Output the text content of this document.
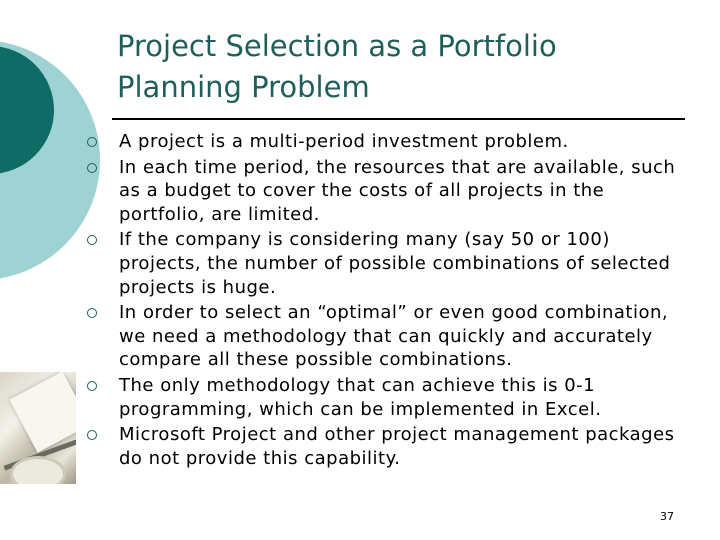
Project Selection as a Portfolio
Planning Problem
A project is a multi-period investment problem.
In each time period, the resources that are available, such as a budget to cover the costs of all projects in the portfolio, are limited.
If the company is considering many (say 50 or 100) projects, the number of possible combinations of selected projects is huge.
In order to select an “optimal” or even good combination, we need a methodology that can quickly and accurately compare all these possible combinations.
The only methodology that can achieve this is 0-1 programming, which can be implemented in Excel.
Microsoft Project and other project management packages do not provide this capability.
37
